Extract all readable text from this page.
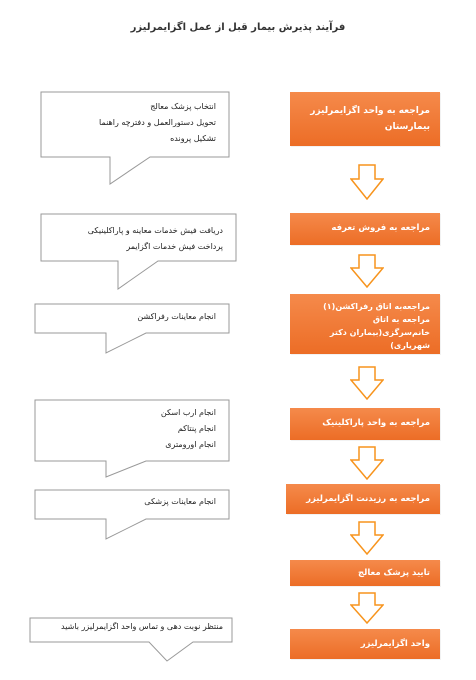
فرآیند پذیرش بیمار قبل از عمل اگزایمرلیزر
مراجعه به واحد اگزایمرلیزر بیمارستان
مراجعه به فروش تعرفه
مراجعه‌به اتاق رفراکشن(۱) مراجعه به اتاق خانم‌سرگزی(بیماران دکتر شهریاری)
مراجعه به واحد پاراکلینیک
مراجعه به رزیدنت اگزایمرلیزر
تایید پزشک معالج
واحد اگزایمرلیزر
انتخاب پزشک معالج
تحویل دستورالعمل و دفترچه راهنما
تشکیل پرونده
دریافت فیش خدمات معاینه و پاراکلینیکی
پرداخت فیش خدمات اگزایمر
انجام معاینات رفراکشن
انجام ارب اسکن
انجام پنتاکم
انجام اورومتری
انجام معاینات پزشکی
منتظر نوبت دهی و تماس واحد اگزایمرلیزر باشید
